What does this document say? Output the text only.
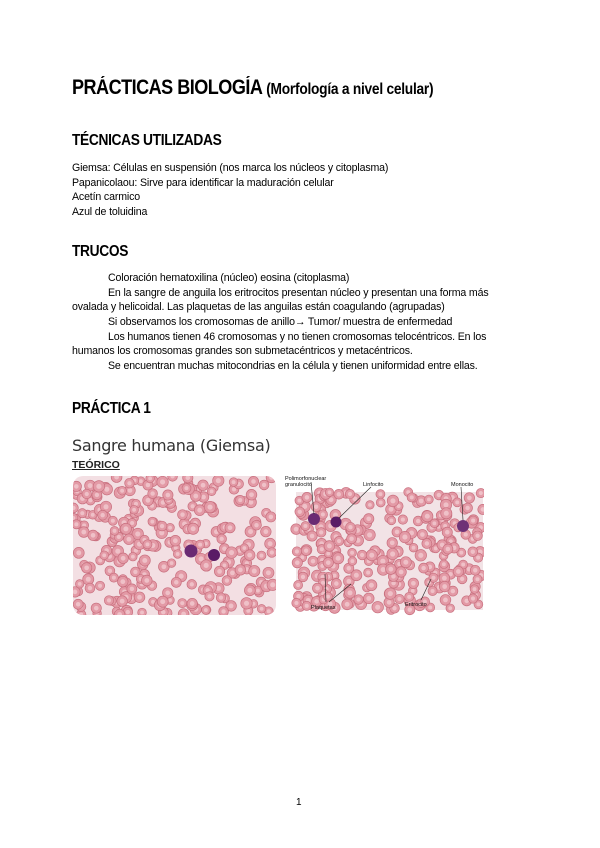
PRÁCTICAS BIOLOGÍA (Morfología a nivel celular)
TÉCNICAS UTILIZADAS
Giemsa: Células en suspensión (nos marca los núcleos y citoplasma)
Papanicolaou: Sirve para identificar la maduración celular
Acetín carmico
Azul de toluidina
TRUCOS
Coloración hematoxilina (núcleo) eosina (citoplasma)
En la sangre de anguila los eritrocitos presentan núcleo y presentan una forma más
ovalada y helicoidal. Las plaquetas de las anguilas están coagulando (agrupadas)
Si observamos los cromosomas de anillo→ Tumor/ muestra de enfermedad
Los humanos tienen 46 cromosomas y no tienen cromosomas telocéntricos. En los
humanos los cromosomas grandes son submetacéntricos y metacéntricos.
Se encuentran muchas mitocondrias en la célula y tienen uniformidad entre ellas.
PRÁCTICA 1
Sangre humana (Giemsa)
TEÓRICO
Polimorfonuclear granulocito	Linfocito	Monocito
Plaquetas	Eritrocito
1
